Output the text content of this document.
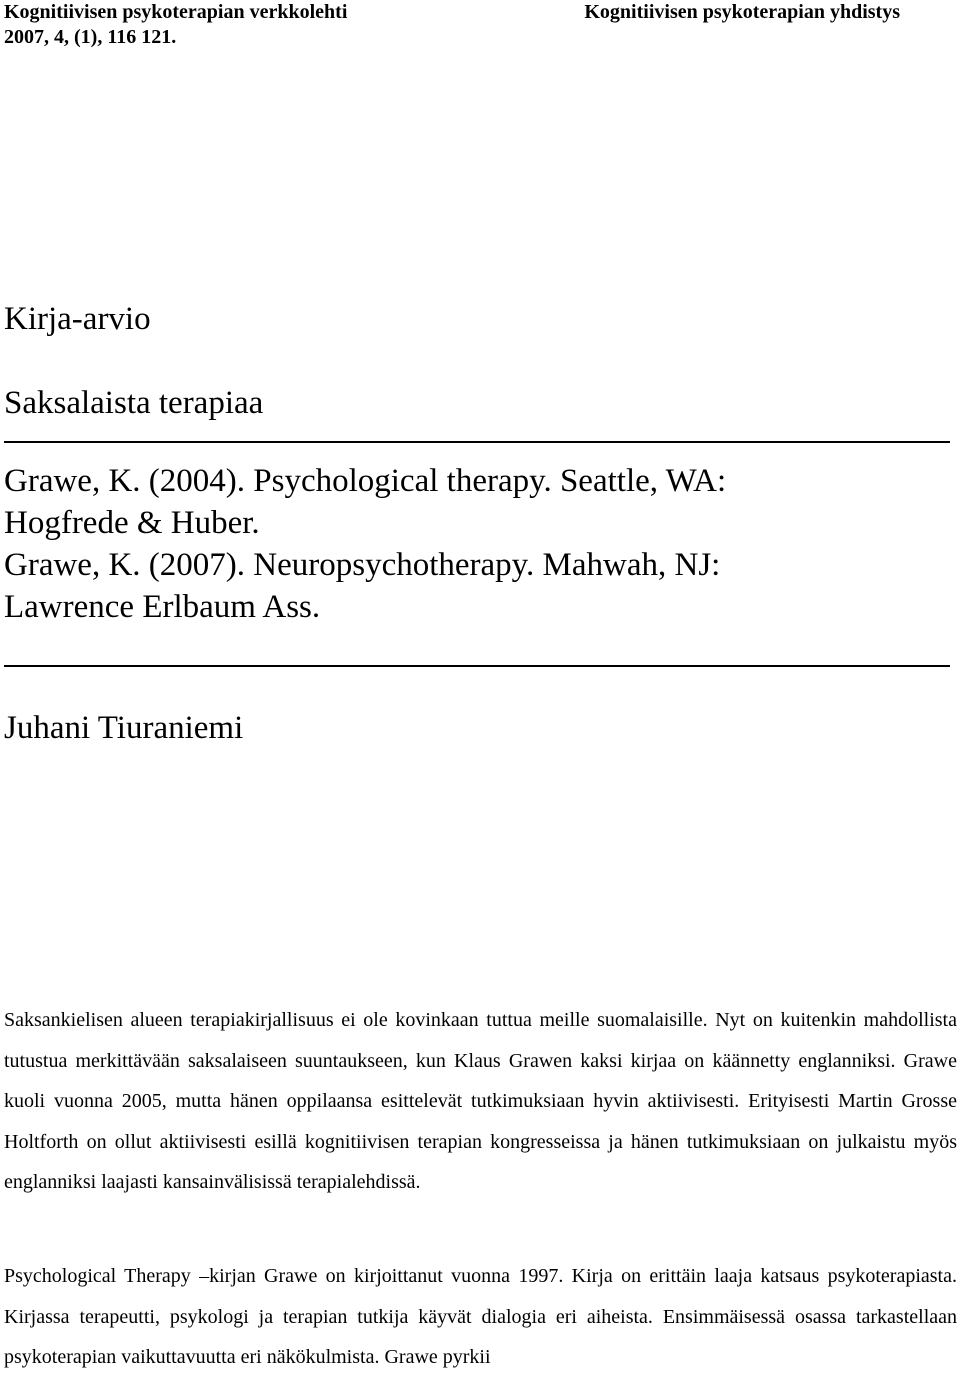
Kognitiivisen psykoterapian verkkolehti
2007, 4, (1), 116 121.
Kognitiivisen psykoterapian yhdistys
Kirja-arvio
Saksalaista terapiaa
Grawe, K. (2004). Psychological therapy. Seattle, WA:
Hogfrede & Huber.
Grawe, K. (2007). Neuropsychotherapy. Mahwah, NJ:
Lawrence Erlbaum Ass.
Juhani Tiuraniemi

Saksankielisen alueen terapiakirjallisuus ei ole kovinkaan tuttua meille suomalaisille. Nyt on kuitenkin mahdollista tutustua merkittävään saksalaiseen suuntaukseen, kun Klaus Grawen kaksi kirjaa on käännetty englanniksi. Grawe kuoli vuonna 2005, mutta hänen oppilaansa esittelevät tutkimuksiaan hyvin aktiivisesti. Erityisesti Martin Grosse Holtforth on ollut aktiivisesti esillä kognitiivisen terapian kongresseissa ja hänen tutkimuksiaan on julkaistu myös englanniksi laajasti kansainvälisissä terapialehdissä.

Psychological Therapy –kirjan Grawe on kirjoittanut vuonna 1997. Kirja on erittäin laaja katsaus psykoterapiasta. Kirjassa terapeutti, psykologi ja terapian tutkija käyvät dialogia eri aiheista. Ensimmäisessä osassa tarkastellaan psykoterapian vaikuttavuutta eri näkökulmista. Grawe pyrkii
